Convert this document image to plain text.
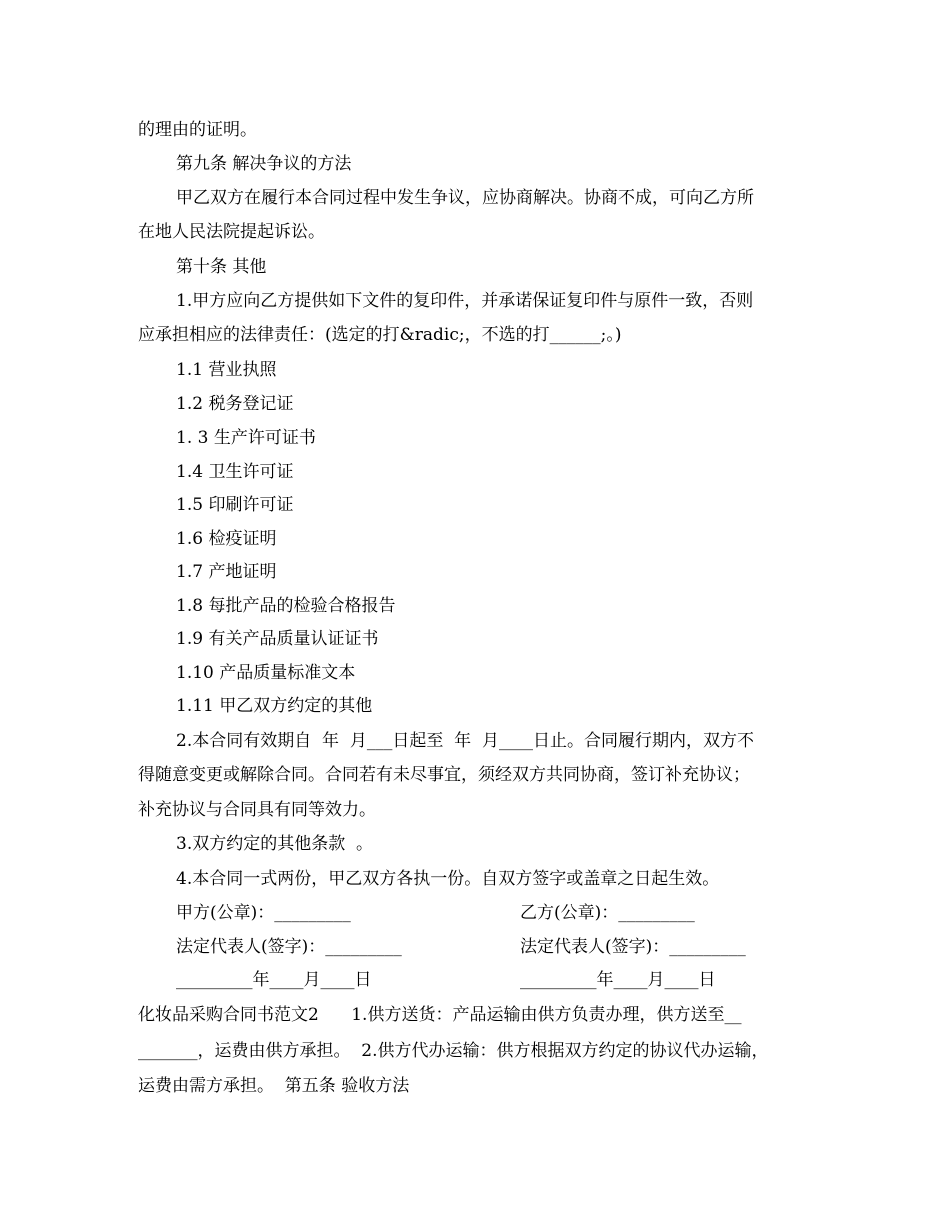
的理由的证明。
第九条 解决争议的方法
甲乙双方在履行本合同过程中发生争议，应协商解决。协商不成，可向乙方所
在地人民法院提起诉讼。
第十条 其他
1.甲方应向乙方提供如下文件的复印件，并承诺保证复印件与原件一致，否则
应承担相应的法律责任：(选定的打&radic;，不选的打______;。)
1.1 营业执照
1.2 税务登记证
1. 3 生产许可证书
1.4 卫生许可证
1.5 印刷许可证
1.6 检疫证明
1.7 产地证明
1.8 每批产品的检验合格报告
1.9 有关产品质量认证证书
1.10 产品质量标准文本
1.11 甲乙双方约定的其他
2.本合同有效期自  年  月___日起至  年  月____日止。合同履行期内，双方不
得随意变更或解除合同。合同若有未尽事宜，须经双方共同协商，签订补充协议；
补充协议与合同具有同等效力。
3.双方约定的其他条款  。
4.本合同一式两份，甲乙双方各执一份。自双方签字或盖章之日起生效。
甲方(公章)：_________	乙方(公章)：_________
法定代表人(签字)：_________	法定代表人(签字)：_________
_________年____月____日	_________年____月____日
化妆品采购合同书范文2      1.供方送货：产品运输由供方负责办理，供方送至__
_______，运费由供方承担。  2.供方代办运输：供方根据双方约定的协议代办运输，
运费由需方承担。  第五条 验收方法
